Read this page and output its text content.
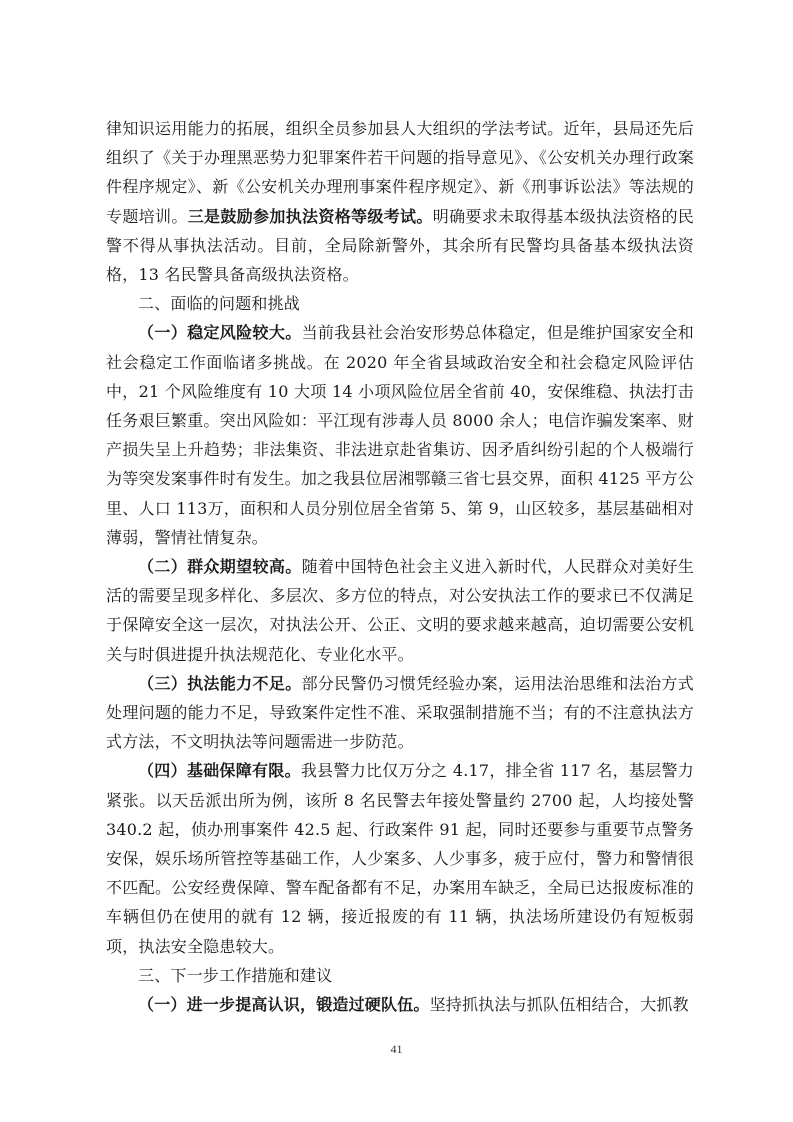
律知识运用能力的拓展，组织全员参加县人大组织的学法考试。近年，县局还先后组织了《关于办理黑恶势力犯罪案件若干问题的指导意见》、《公安机关办理行政案件程序规定》、新《公安机关办理刑事案件程序规定》、新《刑事诉讼法》等法规的专题培训。三是鼓励参加执法资格等级考试。明确要求未取得基本级执法资格的民警不得从事执法活动。目前，全局除新警外，其余所有民警均具备基本级执法资格，13 名民警具备高级执法资格。

二、面临的问题和挑战

（一）稳定风险较大。当前我县社会治安形势总体稳定，但是维护国家安全和社会稳定工作面临诸多挑战。在 2020 年全省县域政治安全和社会稳定风险评估中，21 个风险维度有 10 大项 14 小项风险位居全省前 40，安保维稳、执法打击任务艰巨繁重。突出风险如：平江现有涉毒人员 8000 余人；电信诈骗发案率、财产损失呈上升趋势；非法集资、非法进京赴省集访、因矛盾纠纷引起的个人极端行为等突发案事件时有发生。加之我县位居湘鄂赣三省七县交界，面积 4125 平方公里、人口 113万，面积和人员分别位居全省第 5、第 9，山区较多，基层基础相对薄弱，警情社情复杂。

（二）群众期望较高。随着中国特色社会主义进入新时代，人民群众对美好生活的需要呈现多样化、多层次、多方位的特点，对公安执法工作的要求已不仅满足于保障安全这一层次，对执法公开、公正、文明的要求越来越高，迫切需要公安机关与时俱进提升执法规范化、专业化水平。

（三）执法能力不足。部分民警仍习惯凭经验办案，运用法治思维和法治方式处理问题的能力不足，导致案件定性不准、采取强制措施不当；有的不注意执法方式方法，不文明执法等问题需进一步防范。

（四）基础保障有限。我县警力比仅万分之 4.17，排全省 117 名，基层警力紧张。以天岳派出所为例，该所 8 名民警去年接处警量约 2700 起，人均接处警 340.2 起，侦办刑事案件 42.5 起、行政案件 91 起，同时还要参与重要节点警务安保，娱乐场所管控等基础工作，人少案多、人少事多，疲于应付，警力和警情很不匹配。公安经费保障、警车配备都有不足，办案用车缺乏，全局已达报废标准的车辆但仍在使用的就有 12 辆，接近报废的有 11 辆，执法场所建设仍有短板弱项，执法安全隐患较大。

三、下一步工作措施和建议

（一）进一步提高认识，锻造过硬队伍。坚持抓执法与抓队伍相结合，大抓教

41
